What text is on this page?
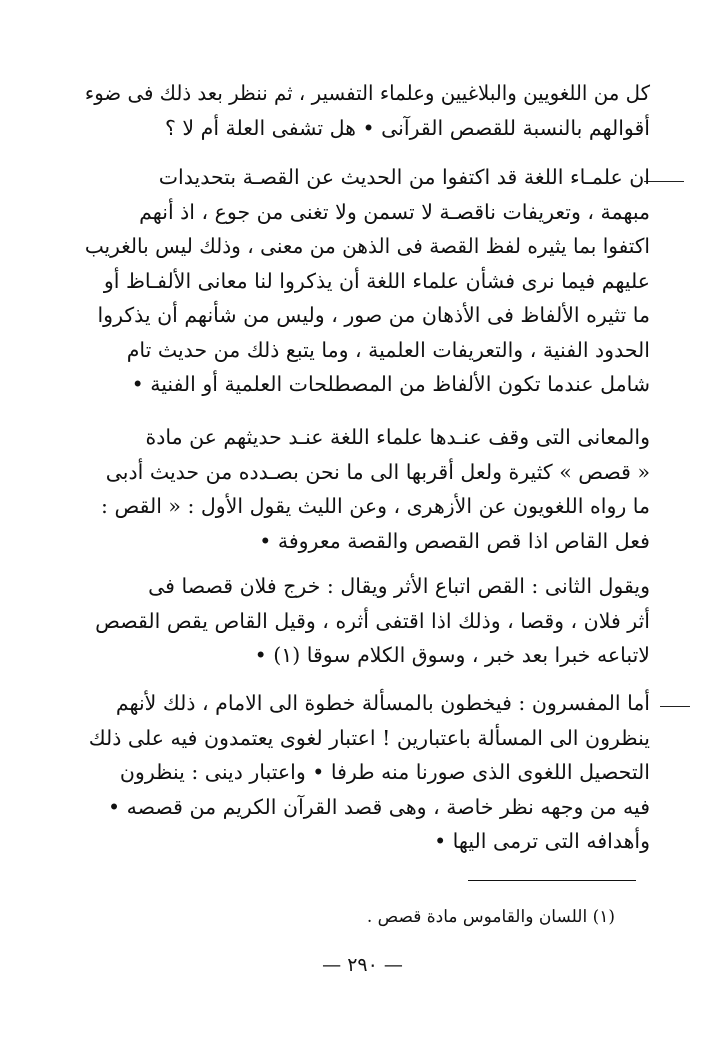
كل من اللغويين والبلاغيين وعلماء التفسير ، ثم ننظر بعد ذلك فى ضوء
أقوالهم بالنسبة للقصص القرآنى • هل تشفى العلة أم لا ؟
ان علمـاء اللغة قد اكتفوا من الحديث عن القصـة بتحديدات
مبهمة ، وتعريفات ناقصـة لا تسمن ولا تغنى من جوع ، اذ أنهم
اكتفوا بما يثيره لفظ القصة فى الذهن من معنى ، وذلك ليس بالغريب
عليهم فيما نرى فشأن علماء اللغة أن يذكروا لنا معانى الألفـاظ أو
ما تثيره الألفاظ فى الأذهان من صور ، وليس من شأنهم أن يذكروا
الحدود الفنية ، والتعريفات العلمية ، وما يتبع ذلك من حديث تام
شامل عندما تكون الألفاظ من المصطلحات العلمية أو الفنية •
والمعانى التى وقف عنـدها علماء اللغة عنـد حديثهم عن مادة
« قصص » كثيرة ولعل أقربها الى ما نحن بصـدده من حديث أدبى
ما رواه اللغويون عن الأزهرى ، وعن الليث يقول الأول : « القص :
فعل القاص اذا قص القصص والقصة معروفة •
ويقول الثانى : القص اتباع الأثر ويقال : خرج فلان قصصا فى
أثر فلان ، وقصا ، وذلك اذا اقتفى أثره ، وقيل القاص يقص القصص
لاتباعه خبرا بعد خبر ، وسوق الكلام سوقا (١) •
أما المفسرون : فيخطون بالمسألة خطوة الى الامام ، ذلك لأنهم
ينظرون الى المسألة باعتبارين ! اعتبار لغوى يعتمدون فيه على ذلك
التحصيل اللغوى الذى صورنا منه طرفا • واعتبار دينى : ينظرون
فيه من وجهه نظر خاصة ، وهى قصد القرآن الكريم من قصصه •
وأهدافه التى ترمى اليها •
(١) اللسان والقاموس مادة قصص .
— ٢٩٠ —
